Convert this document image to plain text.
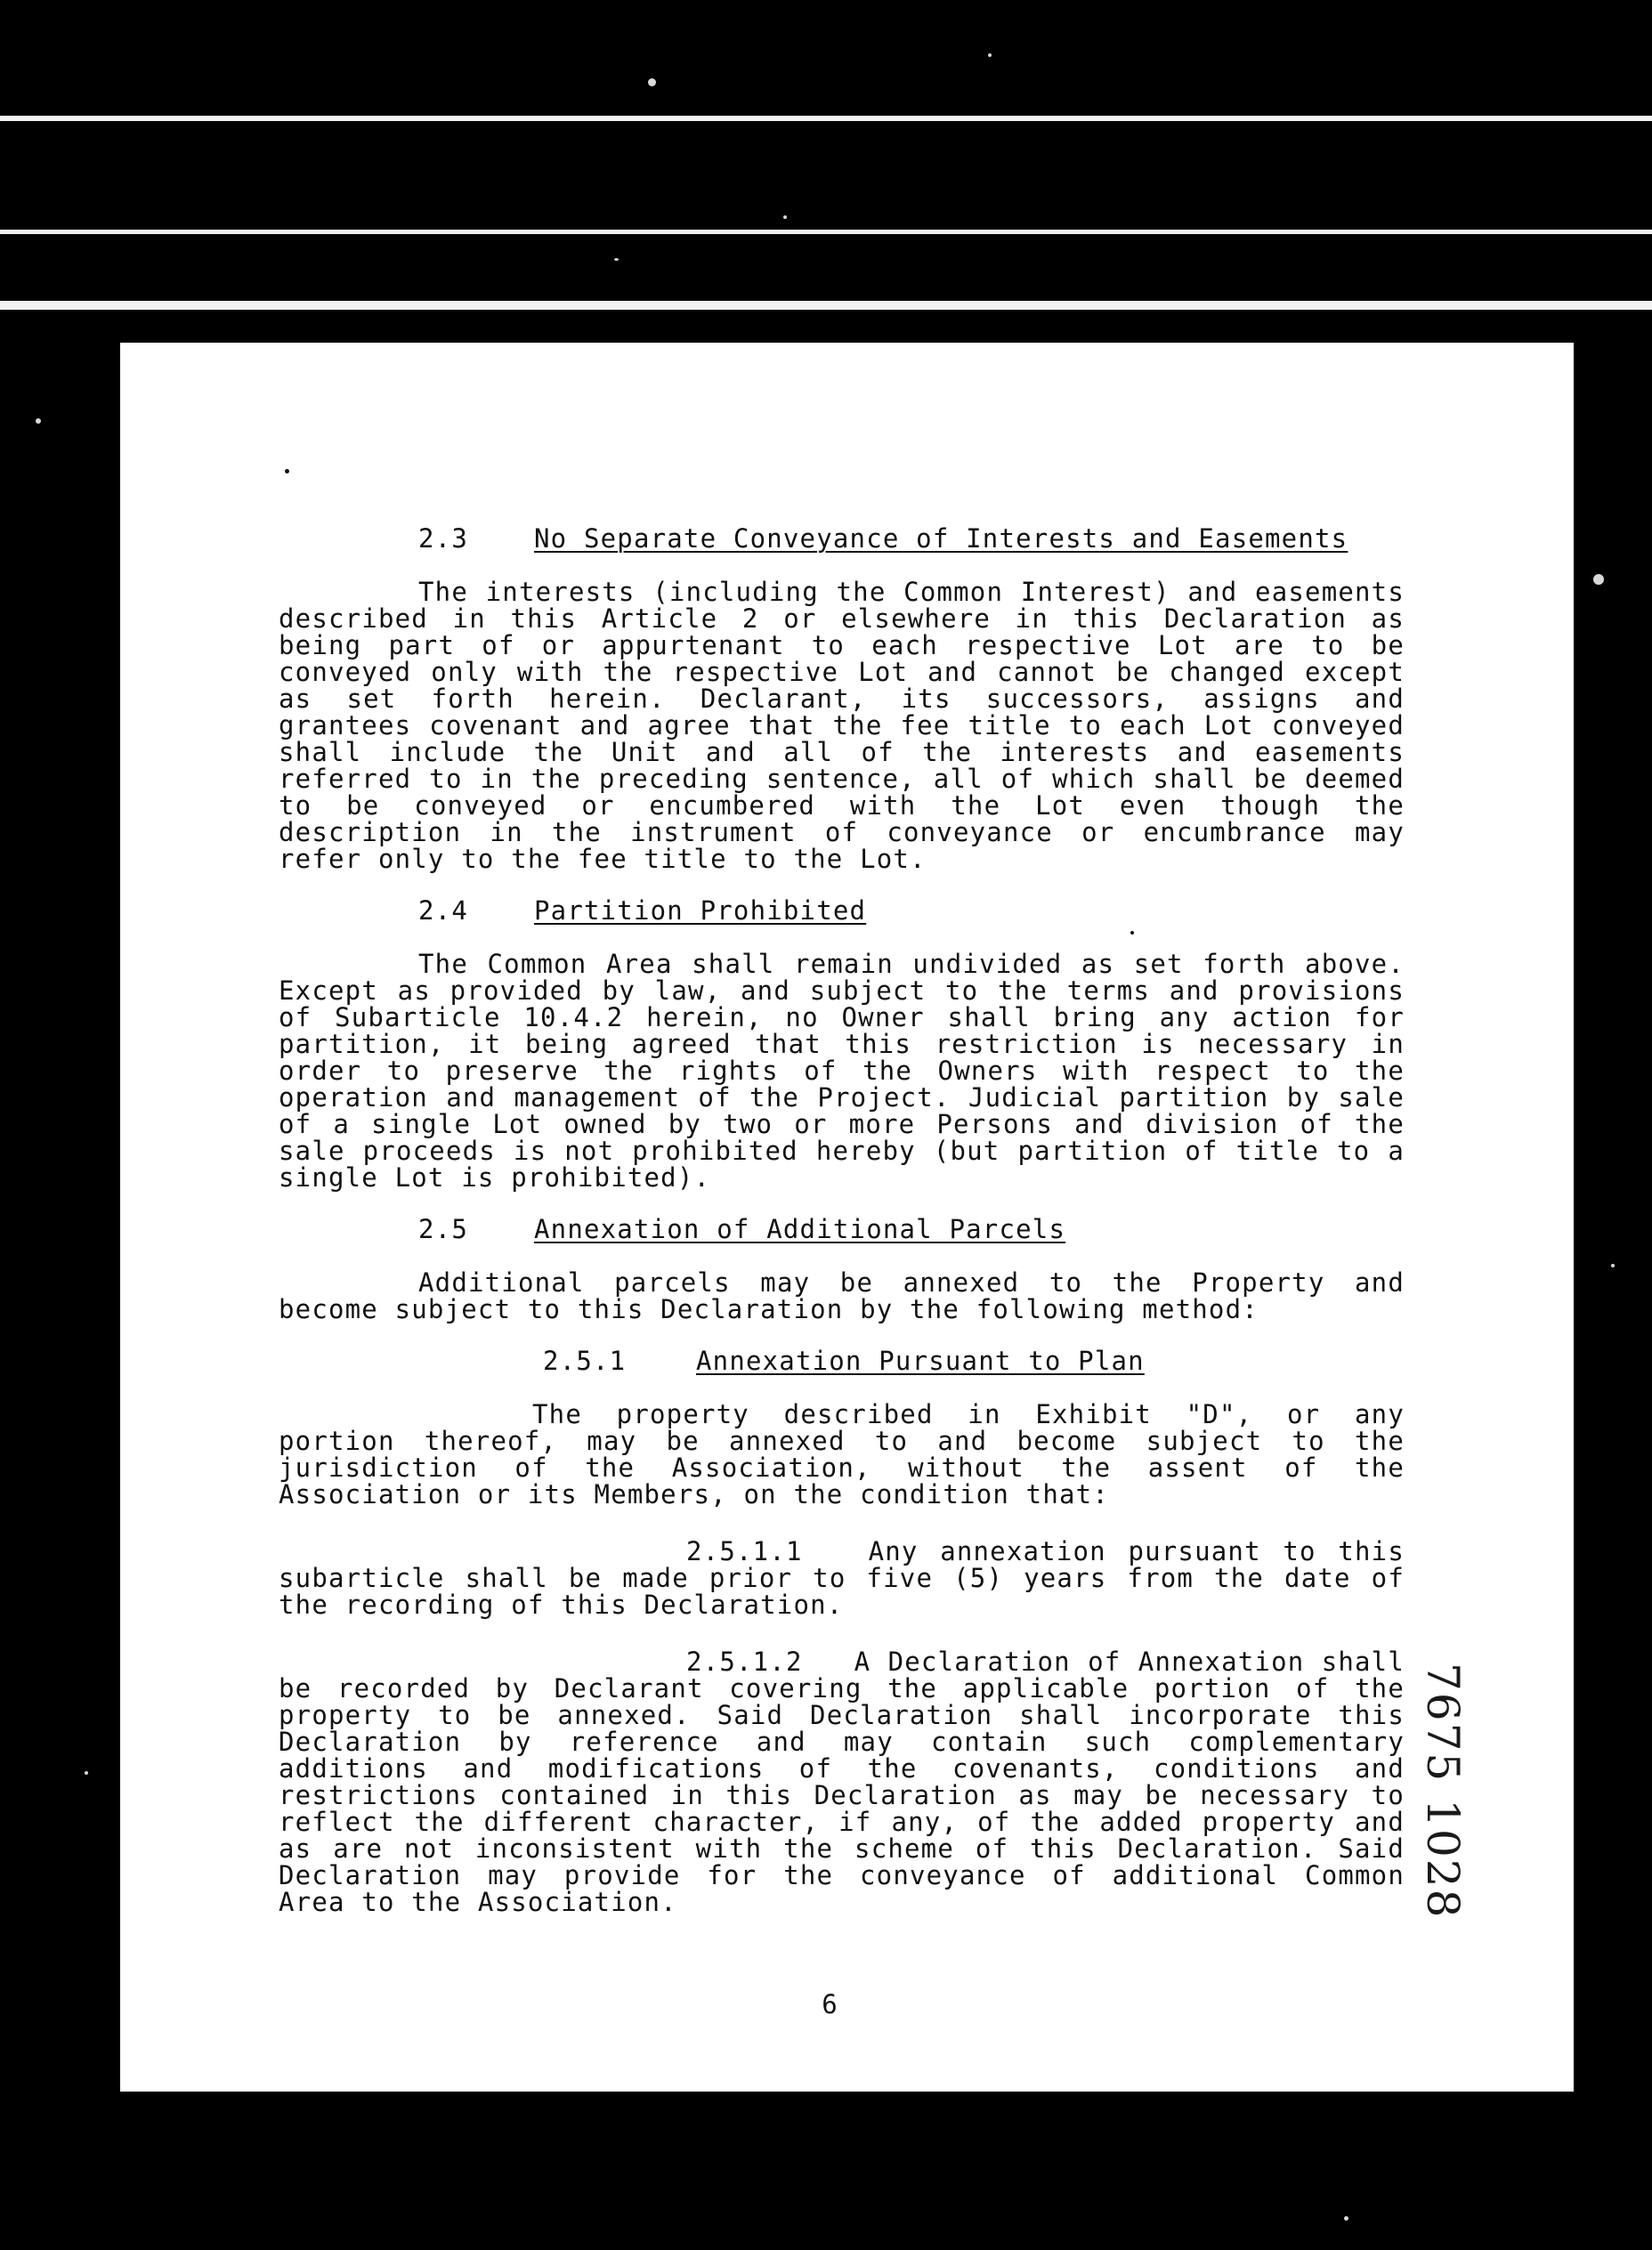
2.3	No Separate Conveyance of Interests and Easements

The interests (including the Common Interest) and easements described in this Article 2 or elsewhere in this Declaration as being part of or appurtenant to each respective Lot are to be conveyed only with the respective Lot and cannot be changed except as set forth herein. Declarant, its successors, assigns and grantees covenant and agree that the fee title to each Lot conveyed shall include the Unit and all of the interests and easements referred to in the preceding sentence, all of which shall be deemed to be conveyed or encumbered with the Lot even though the description in the instrument of conveyance or encumbrance may refer only to the fee title to the Lot.

2.4	Partition Prohibited

The Common Area shall remain undivided as set forth above. Except as provided by law, and subject to the terms and provisions of Subarticle 10.4.2 herein, no Owner shall bring any action for partition, it being agreed that this restriction is necessary in order to preserve the rights of the Owners with respect to the operation and management of the Project. Judicial partition by sale of a single Lot owned by two or more Persons and division of the sale proceeds is not prohibited hereby (but partition of title to a single Lot is prohibited).

2.5	Annexation of Additional Parcels

Additional parcels may be annexed to the Property and become subject to this Declaration by the following method:

2.5.1	Annexation Pursuant to Plan

The property described in Exhibit "D", or any portion thereof, may be annexed to and become subject to the jurisdiction of the Association, without the assent of the Association or its Members, on the condition that:

2.5.1.1	Any annexation pursuant to this subarticle shall be made prior to five (5) years from the date of the recording of this Declaration.

2.5.1.2 A Declaration of Annexation shall be recorded by Declarant covering the applicable portion of the property to be annexed. Said Declaration shall incorporate this Declaration by reference and may contain such complementary additions and modifications of the covenants, conditions and restrictions contained in this Declaration as may be necessary to reflect the different character, if any, of the added property and as are not inconsistent with the scheme of this Declaration. Said Declaration may provide for the conveyance of additional Common Area to the Association.

6
7675 1028
